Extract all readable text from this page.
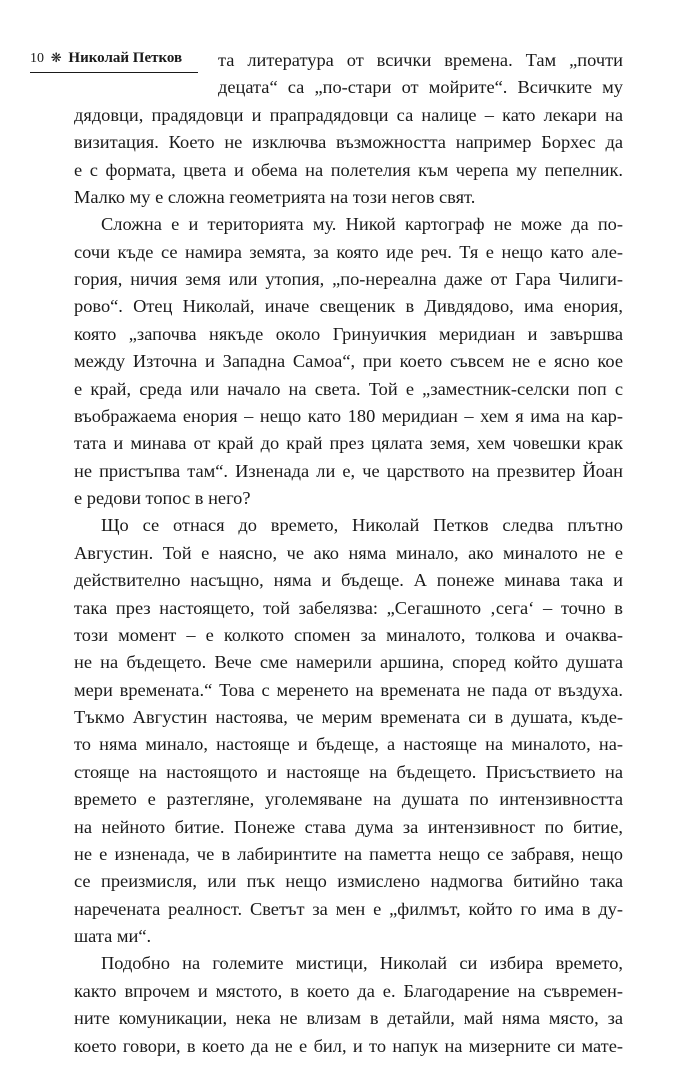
10 ❋ Николай Петков та литература от всички времена. Там „почти
децата“ са „по-стари от мойрите“. Всичките му
дядовци, прадядовци и прапрадядовци са налице – като лекари на
визитация. Което не изключва възможността например Борхес да
е с формата, цвета и обема на полетелия към черепа му пепелник.
Малко му е сложна геометрията на този негов свят.
Сложна е и територията му. Никой картограф не може да по-
сочи къде се намира земята, за която иде реч. Тя е нещо като але-
гория, ничия земя или утопия, „по-нереална даже от Гара Чилиги-
рово“. Отец Николай, иначе свещеник в Дивдядово, има енория,
която „започва някъде около Гринуичкия меридиан и завършва
между Източна и Западна Самоа“, при което съвсем не е ясно кое
е край, среда или начало на света. Той е „заместник-селски поп с
въображаема енория – нещо като 180 меридиан – хем я има на кар-
тата и минава от край до край през цялата земя, хем човешки крак
не пристъпва там“. Изненада ли е, че царството на презвитер Йоан
е редови топос в него?
Що се отнася до времето, Николай Петков следва плътно
Августин. Той е наясно, че ако няма минало, ако миналото не е
действително насъщно, няма и бъдеще. А понеже минава така и
така през настоящето, той забелязва: „Сегашното ‚сега‘ – точно в
този момент – е колкото спомен за миналото, толкова и очаква-
не на бъдещето. Вече сме намерили аршина, според който душата
мери времената.“ Това с меренето на времената не пада от въздуха.
Тъкмо Августин настоява, че мерим времената си в душата, къде-
то няма минало, настояще и бъдеще, а настояще на миналото, на-
стояще на настоящото и настояще на бъдещето. Присъствието на
времето е разтегляне, уголемяване на душата по интензивността
на нейното битие. Понеже става дума за интензивност по битие,
не е изненада, че в лабиринтите на паметта нещо се забравя, нещо
се преизмисля, или пък нещо измислено надмогва битийно така
наречената реалност. Светът за мен е „филмът, който го има в ду-
шата ми“.
Подобно на големите мистици, Николай си избира времето,
както впрочем и мястото, в което да е. Благодарение на съвремен-
ните комуникации, нека не влизам в детайли, май няма място, за
което говори, в което да не е бил, и то напук на мизерните си мате-
